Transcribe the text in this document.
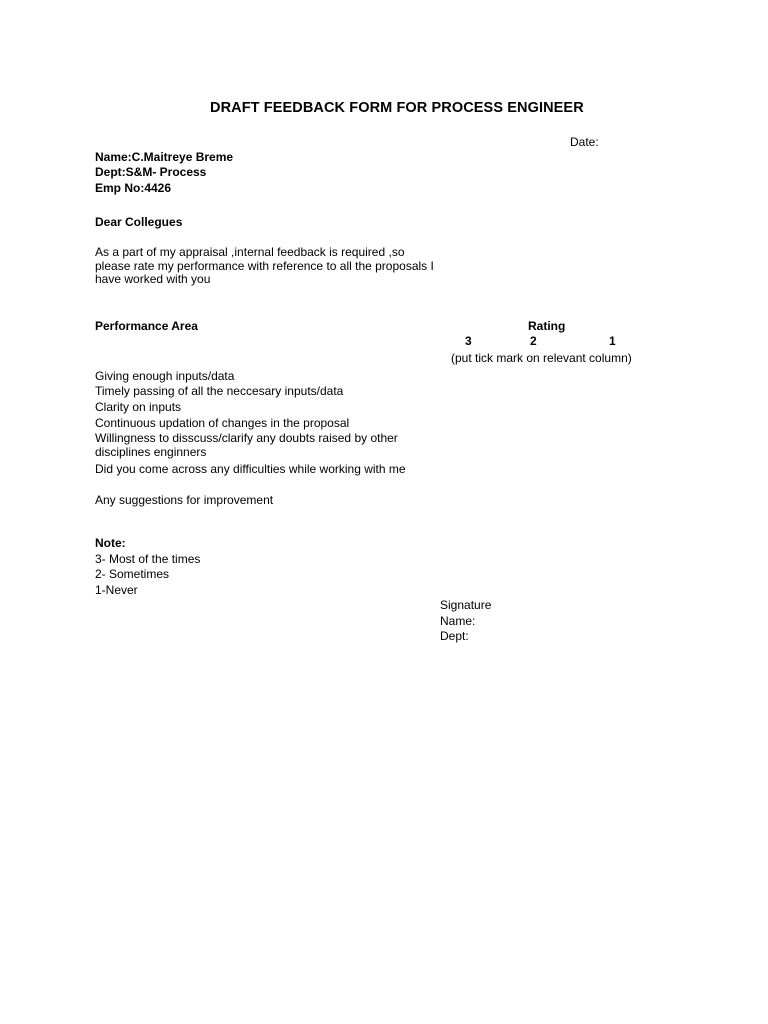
DRAFT FEEDBACK FORM FOR PROCESS ENGINEER
Date:
Name:C.Maitreye Breme
Dept:S&M- Process
Emp No:4426
Dear Collegues
As a part of my appraisal ,internal feedback is required ,so please rate my performance with reference to all the proposals I have worked with you
Performance Area	Rating
3	2	1
(put tick mark on relevant column)
Giving enough inputs/data
Timely passing of all the neccesary inputs/data
Clarity on inputs
Continuous updation of changes in the proposal
Willingness to disscuss/clarify any doubts raised by other disciplines enginners
Did you come across any difficulties while working with me
Any suggestions for improvement
Note:
3- Most of the times
2- Sometimes
1-Never
Signature
Name:
Dept:
